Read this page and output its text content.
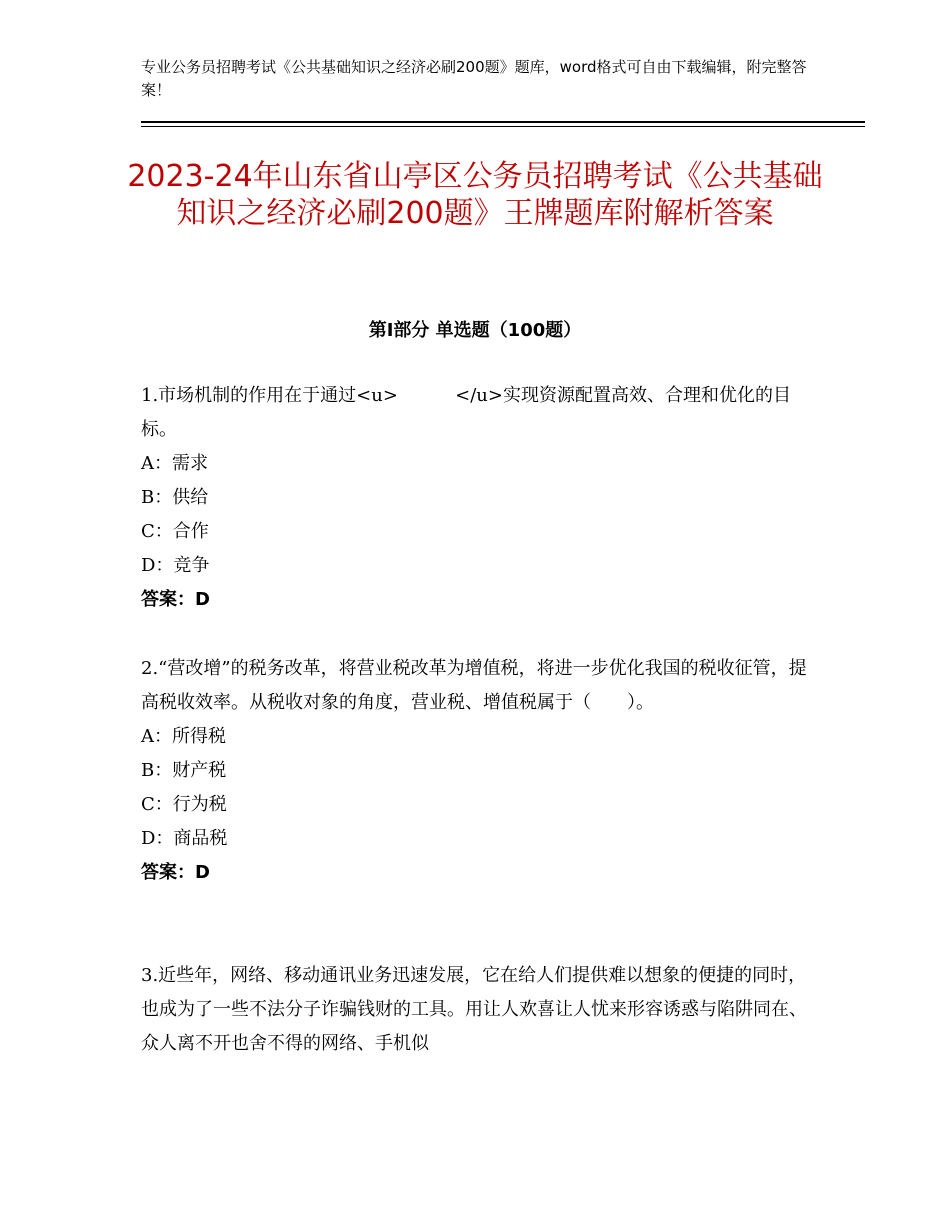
专业公务员招聘考试《公共基础知识之经济必刷200题》题库，word格式可自由下载编辑，附完整答案！
2023-24年山东省山亭区公务员招聘考试《公共基础知识之经济必刷200题》王牌题库附解析答案
第Ⅰ部分 单选题（100题）

1.市场机制的作用在于通过<u>	</u>实现资源配置高效、合理和优化的目标。

A：需求

B：供给

C：合作

D：竞争

答案：D

2.“营改增”的税务改革，将营业税改革为增值税，将进一步优化我国的税收征管，提高税收效率。从税收对象的角度，营业税、增值税属于（　　）。

A：所得税

B：财产税

C：行为税

D：商品税

答案：D

3.近些年，网络、移动通讯业务迅速发展，它在给人们提供难以想象的便捷的同时，也成为了一些不法分子诈骗钱财的工具。用让人欢喜让人忧来形容诱惑与陷阱同在、众人离不开也舍不得的网络、手机似
